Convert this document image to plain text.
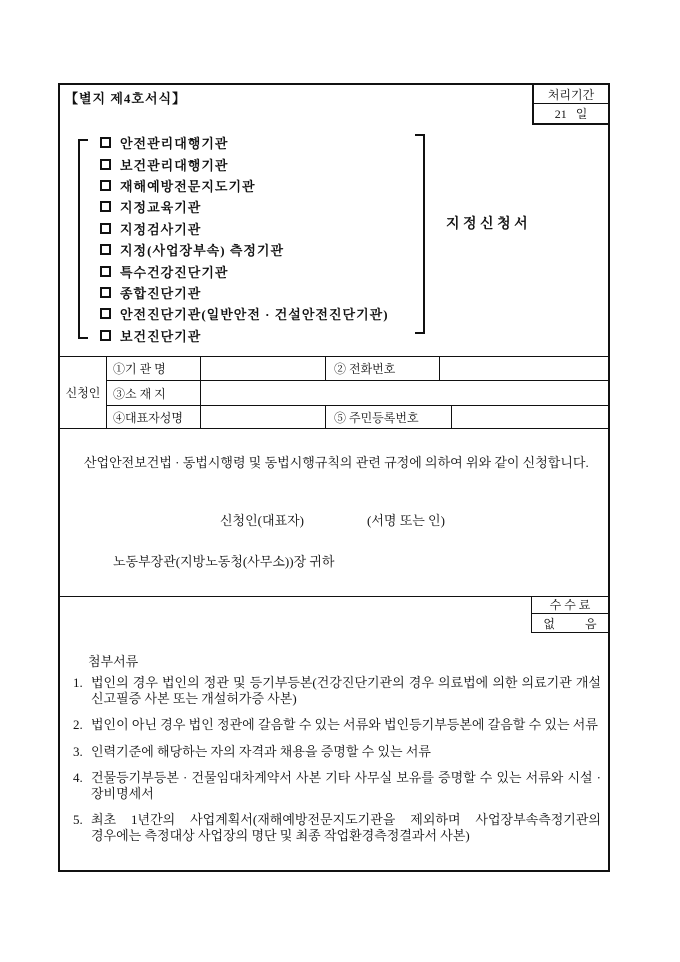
【별지 제4호서식】	처리기간
21   일
안전관리대행기관
보건관리대행기관
재해예방전문지도기관
지정교육기관
지정검사기관
지정(사업장부속) 측정기관
특수건강진단기관
종합진단기관
안전진단기관(일반안전 · 건설안전진단기관)
보건진단기관
지 정 신 청 서
신청인
①기 관 명	② 전화번호
③소 재 지
④대표자성명	⑤ 주민등록번호
산업안전보건법 · 동법시행령 및 동법시행규칙의 관련 규정에 의하여 위와 같이 신청합니다.
신청인(대표자)	(서명 또는 인)
노동부장관(지방노동청(사무소))장 귀하
수 수 료
없          음
첨부서류
1. 법인의 경우 법인의 정관 및 등기부등본(건강진단기관의 경우 의료법에 의한 의료기관 개설 신고필증 사본 또는 개설허가증 사본)
2. 법인이 아닌 경우 법인 정관에 갈음할 수 있는 서류와 법인등기부등본에 갈음할 수 있는 서류
3. 인력기준에 해당하는 자의 자격과 채용을 증명할 수 있는 서류
4. 건물등기부등본 · 건물임대차계약서 사본 기타 사무실 보유를 증명할 수 있는 서류와 시설 · 장비명세서
5. 최초 1년간의 사업계획서(재해예방전문지도기관을 제외하며 사업장부속측정기관의 경우에는 측정대상 사업장의 명단 및 최종 작업환경측정결과서 사본)
